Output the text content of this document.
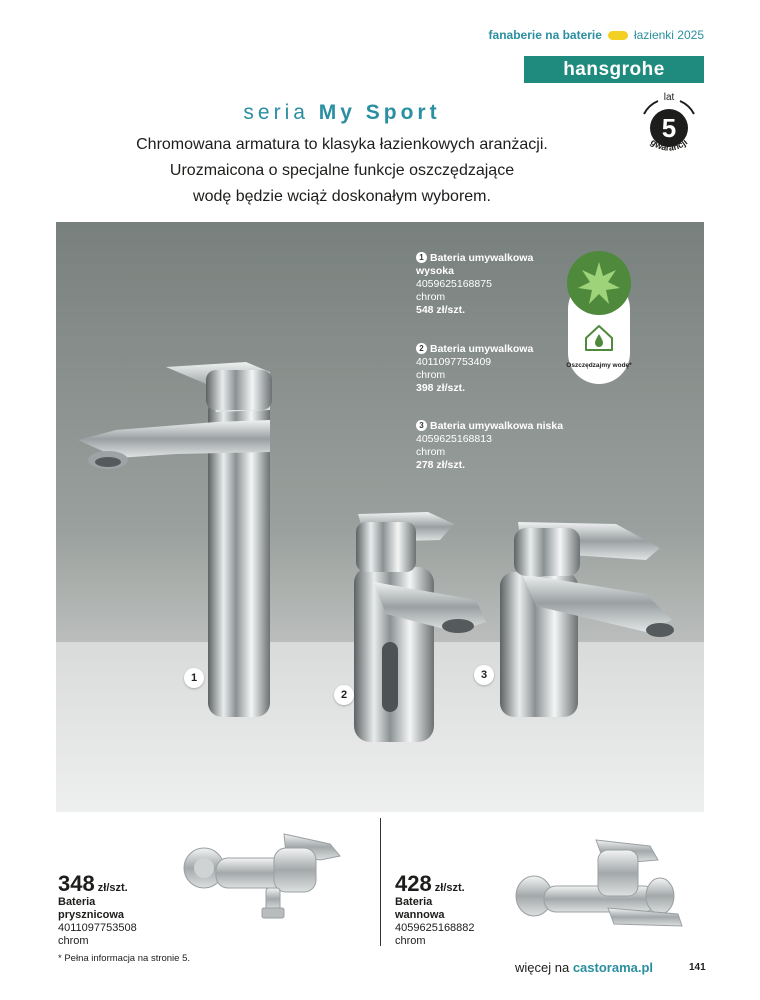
fanaberie na baterie	łazienki 2025
hansgrohe
seria My Sport
Chromowana armatura to klasyka łazienkowych aranżacji.
Urozmaicona o specjalne funkcje oszczędzające
wodę będzie wciąż doskonałym wyborem.
lat
5
gwarancji
1
2
3
1 Bateria umywalkowa
wysoka
4059625168875
chrom
548 zł/szt.
2 Bateria umywalkowa
4011097753409
chrom
398 zł/szt.
3 Bateria umywalkowa niska
4059625168813
chrom
278 zł/szt.
Oszczędzajmy wodę*
348 zł/szt.
Bateria
prysznicowa
4011097753508
chrom
428 zł/szt.
Bateria
wannowa
4059625168882
chrom
* Pełna informacja na stronie 5.
więcej na castorama.pl	141
